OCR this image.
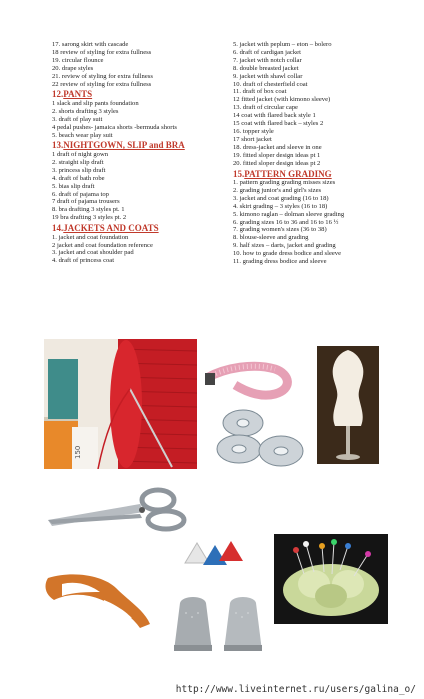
17. sarong skirt with cascade
18 review of styling for extra fullness
19. circular flounce
20. drape styles
21. review of styling for extra fullness
22 review of styling for extra fullness
12.PANTS
1 slack and slip pants foundation
2. shorts drafting 3 styles
3. draft of play suit
4 pedal pushes- jamaica shorts -bermuda shorts
5. beach wear play suit
13.NIGHTGOWN, SLIP and BRA
1 draft of night gown
2. straight slip draft
3. princess slip draft
4. draft of bath robe
5. bias slip draft
6. draft of pajama top
7 draft of pajama trousers
8. bra drafting 3 styles pt. 1
19 bra drafting 3 styles pt. 2
14.JACKETS AND COATS
1. jacket and coat foundation
2 jacket and coat foundation reference
3. jacket and coat shoulder pad
4. draft of princess coat
5. jacket with peplum – eton – bolero
6. draft of cardigan jacket
7. jacket with notch collar
8. double breasted jacket
9. jacket with shawl collar
10. draft of chesterfield coat
11. draft of box coat
12 fitted jacket (with kimono sleeve)
13. draft of circular cape
14 coat with flared back style 1
15 coat with flared back – styles 2
16. topper style
17 short jacket
18. dress-jacket and sleeve in one
19. fitted sloper design ideas pt 1
20. fitted sloper design ideas pt 2
15.PATTERN GRADING
1. pattern grading grading misses sizes
2. grading junior's and girl's sizes
3. jacket and coat grading (16 to 18)
4. skirt grading – 3 styles (16 to 18)
5. kimono raglan – dolman sleeve grading
6. grading sizes 16 to 36 and 16 to 16 ½
7. grading women's sizes (36 to 38)
8. blouse-sleeve and grading
9. half sizes – darts, jacket and grading
10. how to grade dress bodice and sleeve
11. grading dress bodice and sleeve
150
http://www.liveinternet.ru/users/galina_o/
